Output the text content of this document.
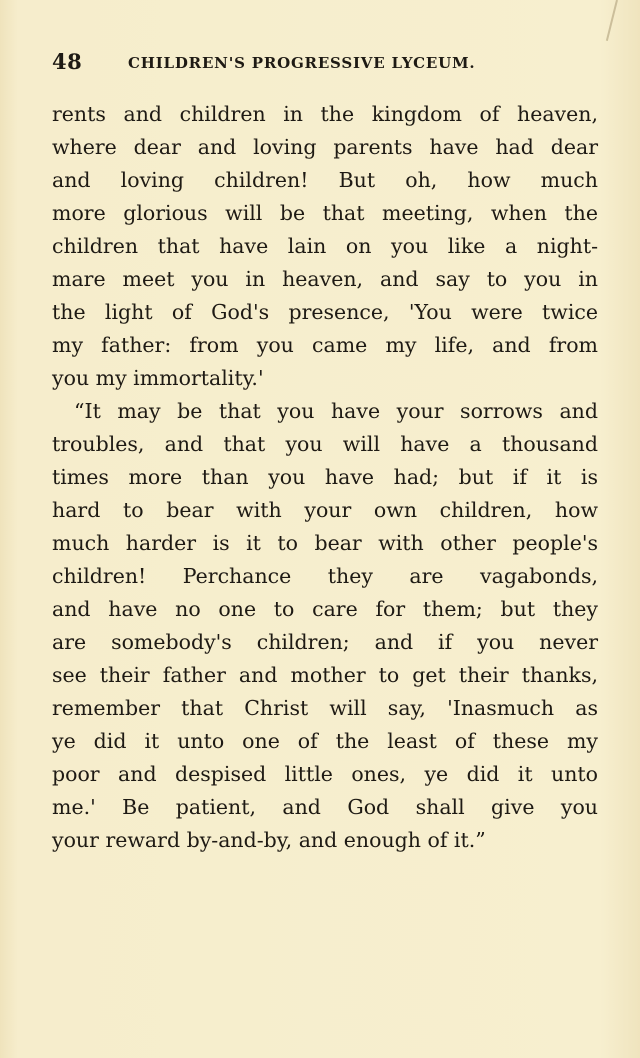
48	CHILDREN'S PROGRESSIVE LYCEUM.
rents and children in the kingdom of heaven,
where dear and loving parents have had dear
and loving children! But oh, how much
more glorious will be that meeting, when the
children that have lain on you like a night-
mare meet you in heaven, and say to you in
the light of God's presence, 'You were twice
my father: from you came my life, and from
you my immortality.'
“It may be that you have your sorrows and
troubles, and that you will have a thousand
times more than you have had; but if it is
hard to bear with your own children, how
much harder is it to bear with other people's
children! Perchance they are vagabonds,
and have no one to care for them; but they
are somebody's children; and if you never
see their father and mother to get their thanks,
remember that Christ will say, 'Inasmuch as
ye did it unto one of the least of these my
poor and despised little ones, ye did it unto
me.' Be patient, and God shall give you
your reward by-and-by, and enough of it.”
